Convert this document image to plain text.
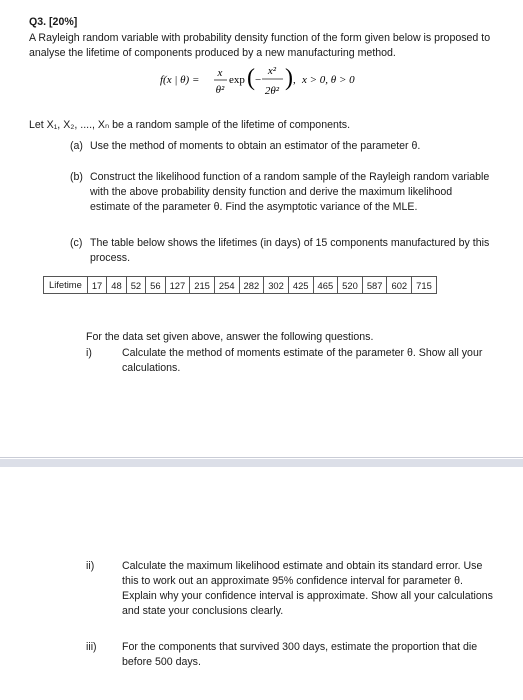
Q3. [20%]
A Rayleigh random variable with probability density function of the form given below is proposed to analyse the lifetime of components produced by a new manufacturing method.
f(x | θ) =
x
θ²
exp ( −
x²
2θ² ) , x > 0, θ > 0
Let X₁, X₂, ...., Xₙ be a random sample of the lifetime of components.
(a) Use the method of moments to obtain an estimator of the parameter θ.
(b) Construct the likelihood function of a random sample of the Rayleigh random variable with the above probability density function and derive the maximum likelihood estimate of the parameter θ. Find the asymptotic variance of the MLE.
(c) The table below shows the lifetimes (in days) of 15 components manufactured by this process.
Lifetime	17	48	52	56	127	215	254	282	302	425	465	520	587	602	715
For the data set given above, answer the following questions.
i)	Calculate the method of moments estimate of the parameter θ. Show all your calculations.
ii)	Calculate the maximum likelihood estimate and obtain its standard error. Use this to work out an approximate 95% confidence interval for parameter θ. Explain why your confidence interval is approximate. Show all your calculations and state your conclusions clearly.
iii) For the components that survived 300 days, estimate the proportion that die before 500 days.
